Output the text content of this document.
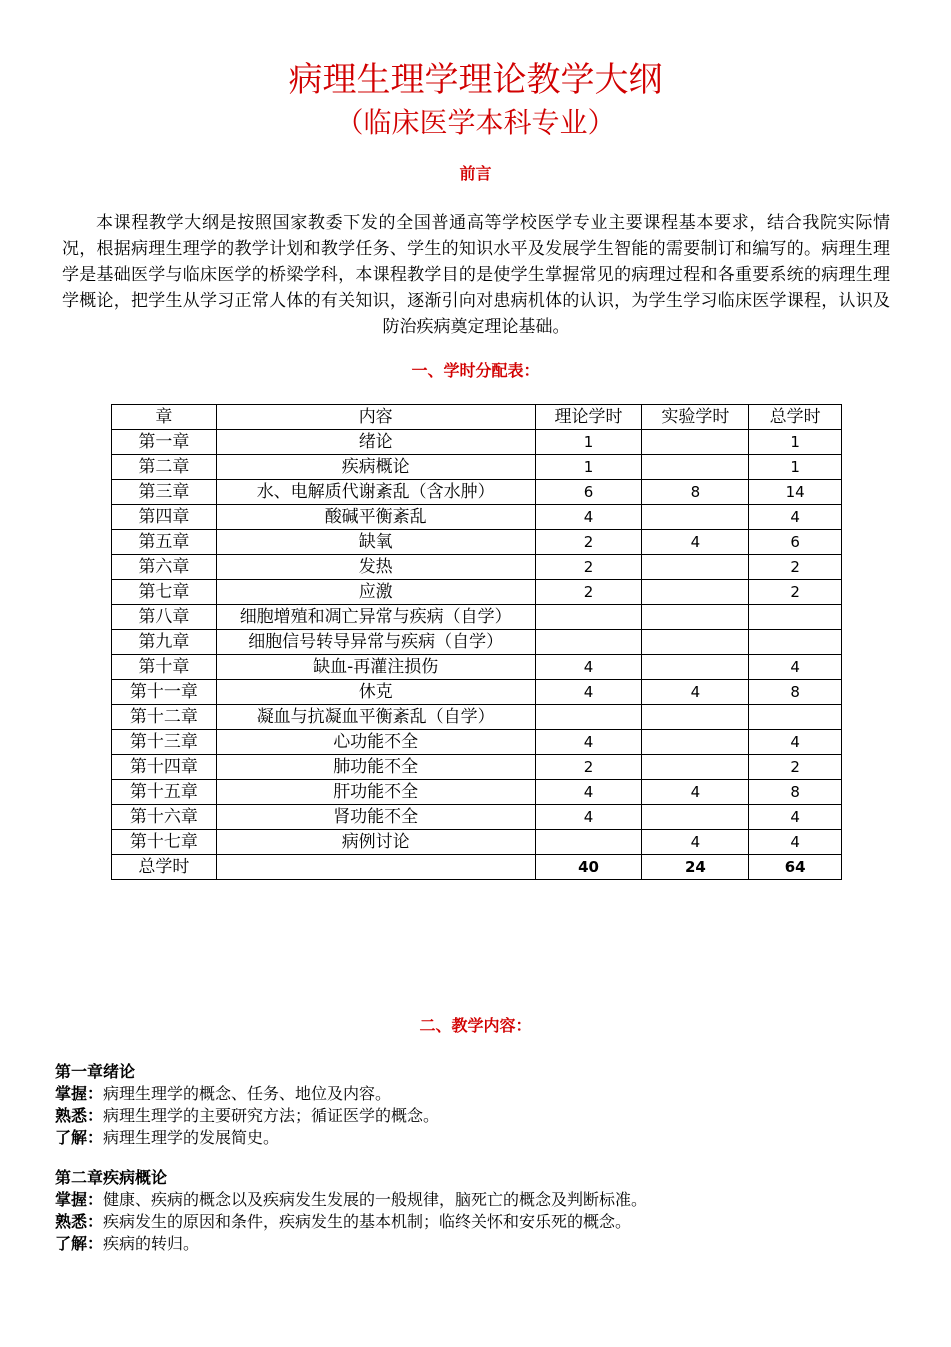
病理生理学理论教学大纲
（临床医学本科专业）
前言
本课程教学大纲是按照国家教委下发的全国普通高等学校医学专业主要课程基本要求，结合我院实际情况，根据病理生理学的教学计划和教学任务、学生的知识水平及发展学生智能的需要制订和编写的。病理生理学是基础医学与临床医学的桥梁学科，本课程教学目的是使学生掌握常见的病理过程和各重要系统的病理生理学概论，把学生从学习正常人体的有关知识，逐渐引向对患病机体的认识，为学生学习临床医学课程，认识及防治疾病奠定理论基础。
一、学时分配表：
章	内容	理论学时	实验学时	总学时
第一章	绪论	1		1
第二章	疾病概论	1		1
第三章	水、电解质代谢紊乱（含水肿）	6	8	14
第四章	酸碱平衡紊乱	4		4
第五章	缺氧	2	4	6
第六章	发热	2		2
第七章	应激	2		2
第八章	细胞增殖和凋亡异常与疾病（自学）			
第九章	细胞信号转导异常与疾病（自学）			
第十章	缺血-再灌注损伤	4		4
第十一章	休克	4	4	8
第十二章	凝血与抗凝血平衡紊乱（自学）			
第十三章	心功能不全	4		4
第十四章	肺功能不全	2		2
第十五章	肝功能不全	4	4	8
第十六章	肾功能不全	4		4
第十七章	病例讨论		4	4
总学时		40	24	64
二、教学内容：
第一章绪论
掌握：病理生理学的概念、任务、地位及内容。
熟悉：病理生理学的主要研究方法；循证医学的概念。
了解：病理生理学的发展简史。
第二章疾病概论
掌握：健康、疾病的概念以及疾病发生发展的一般规律，脑死亡的概念及判断标准。
熟悉：疾病发生的原因和条件，疾病发生的基本机制；临终关怀和安乐死的概念。
了解：疾病的转归。
